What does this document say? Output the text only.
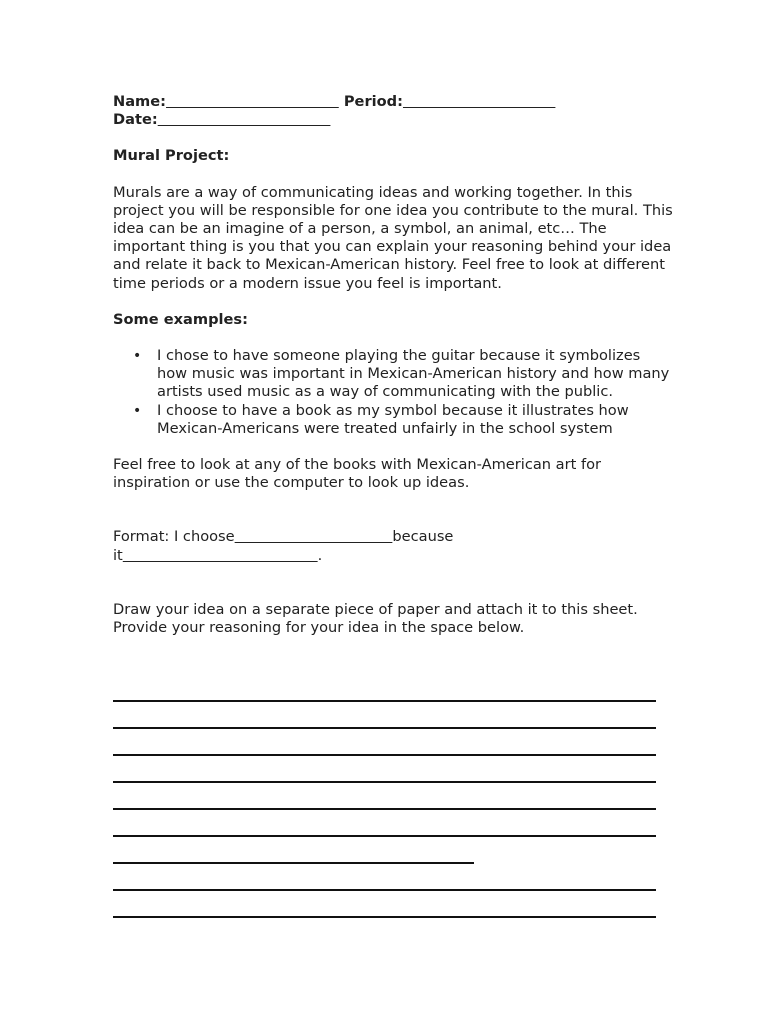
Name:	Period:
Date:
Mural Project:
Murals are a way of communicating ideas and working together. In this project you will be responsible for one idea you contribute to the mural. This idea can be an imagine of a person, a symbol, an animal, etc… The important thing is you that you can explain your reasoning behind your idea and relate it back to Mexican-American history. Feel free to look at different time periods or a modern issue you feel is important.
Some examples:
• I chose to have someone playing the guitar because it symbolizes how music was important in Mexican-American history and how many artists used music as a way of communicating with the public.
• I choose to have a book as my symbol because it illustrates how Mexican-Americans were treated unfairly in the school system
Feel free to look at any of the books with Mexican-American art for inspiration or use the computer to look up ideas.
Format: I choose	because
it	.
Draw your idea on a separate piece of paper and attach it to this sheet.
Provide your reasoning for your idea in the space below.
